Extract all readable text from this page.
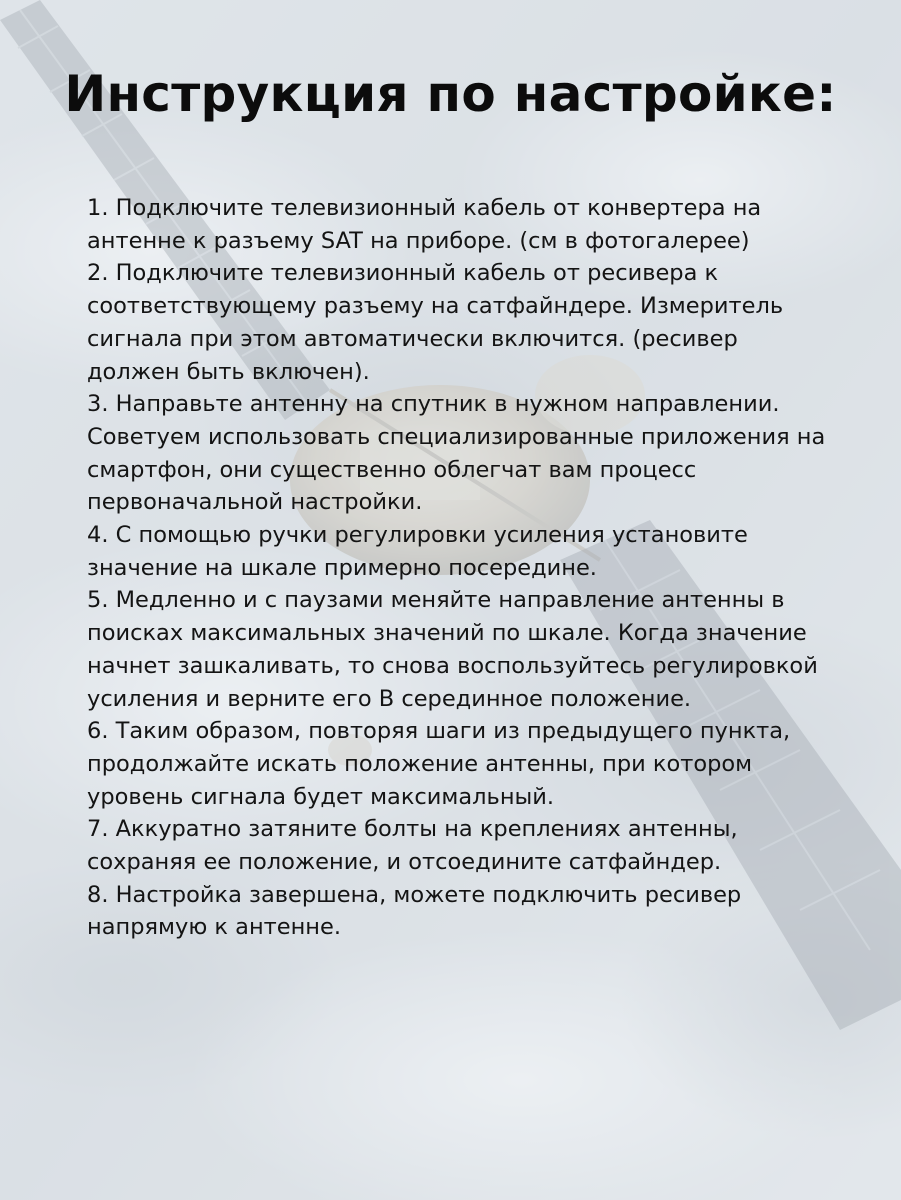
Инструкция по настройке:

1. Подключите телевизионный кабель от конвертера на антенне к разъему SAT на приборе. (см в фотогалерее)

2. Подключите телевизионный кабель от ресивера к соответствующему разъему на сатфайндере. Измеритель сигнала при этом автоматически включится. (ресивер должен быть включен).

3. Направьте антенну на спутник в нужном направлении. Советуем использовать специализированные приложения на смартфон, они существенно облегчат вам процесс первоначальной настройки.

4. С помощью ручки регулировки усиления установите значение на шкале примерно посередине.

5. Медленно и с паузами меняйте направление антенны в поисках максимальных значений по шкале. Когда значение начнет зашкаливать, то снова воспользуйтесь регулировкой усиления и верните его В серединное положение.

6. Таким образом, повторяя шаги из предыдущего пункта, продолжайте искать положение антенны, при котором уровень сигнала будет максимальный.

7. Аккуратно затяните болты на креплениях антенны, сохраняя ее положение, и отсоедините сатфайндер.

8. Настройка завершена, можете подключить ресивер напрямую к антенне.
